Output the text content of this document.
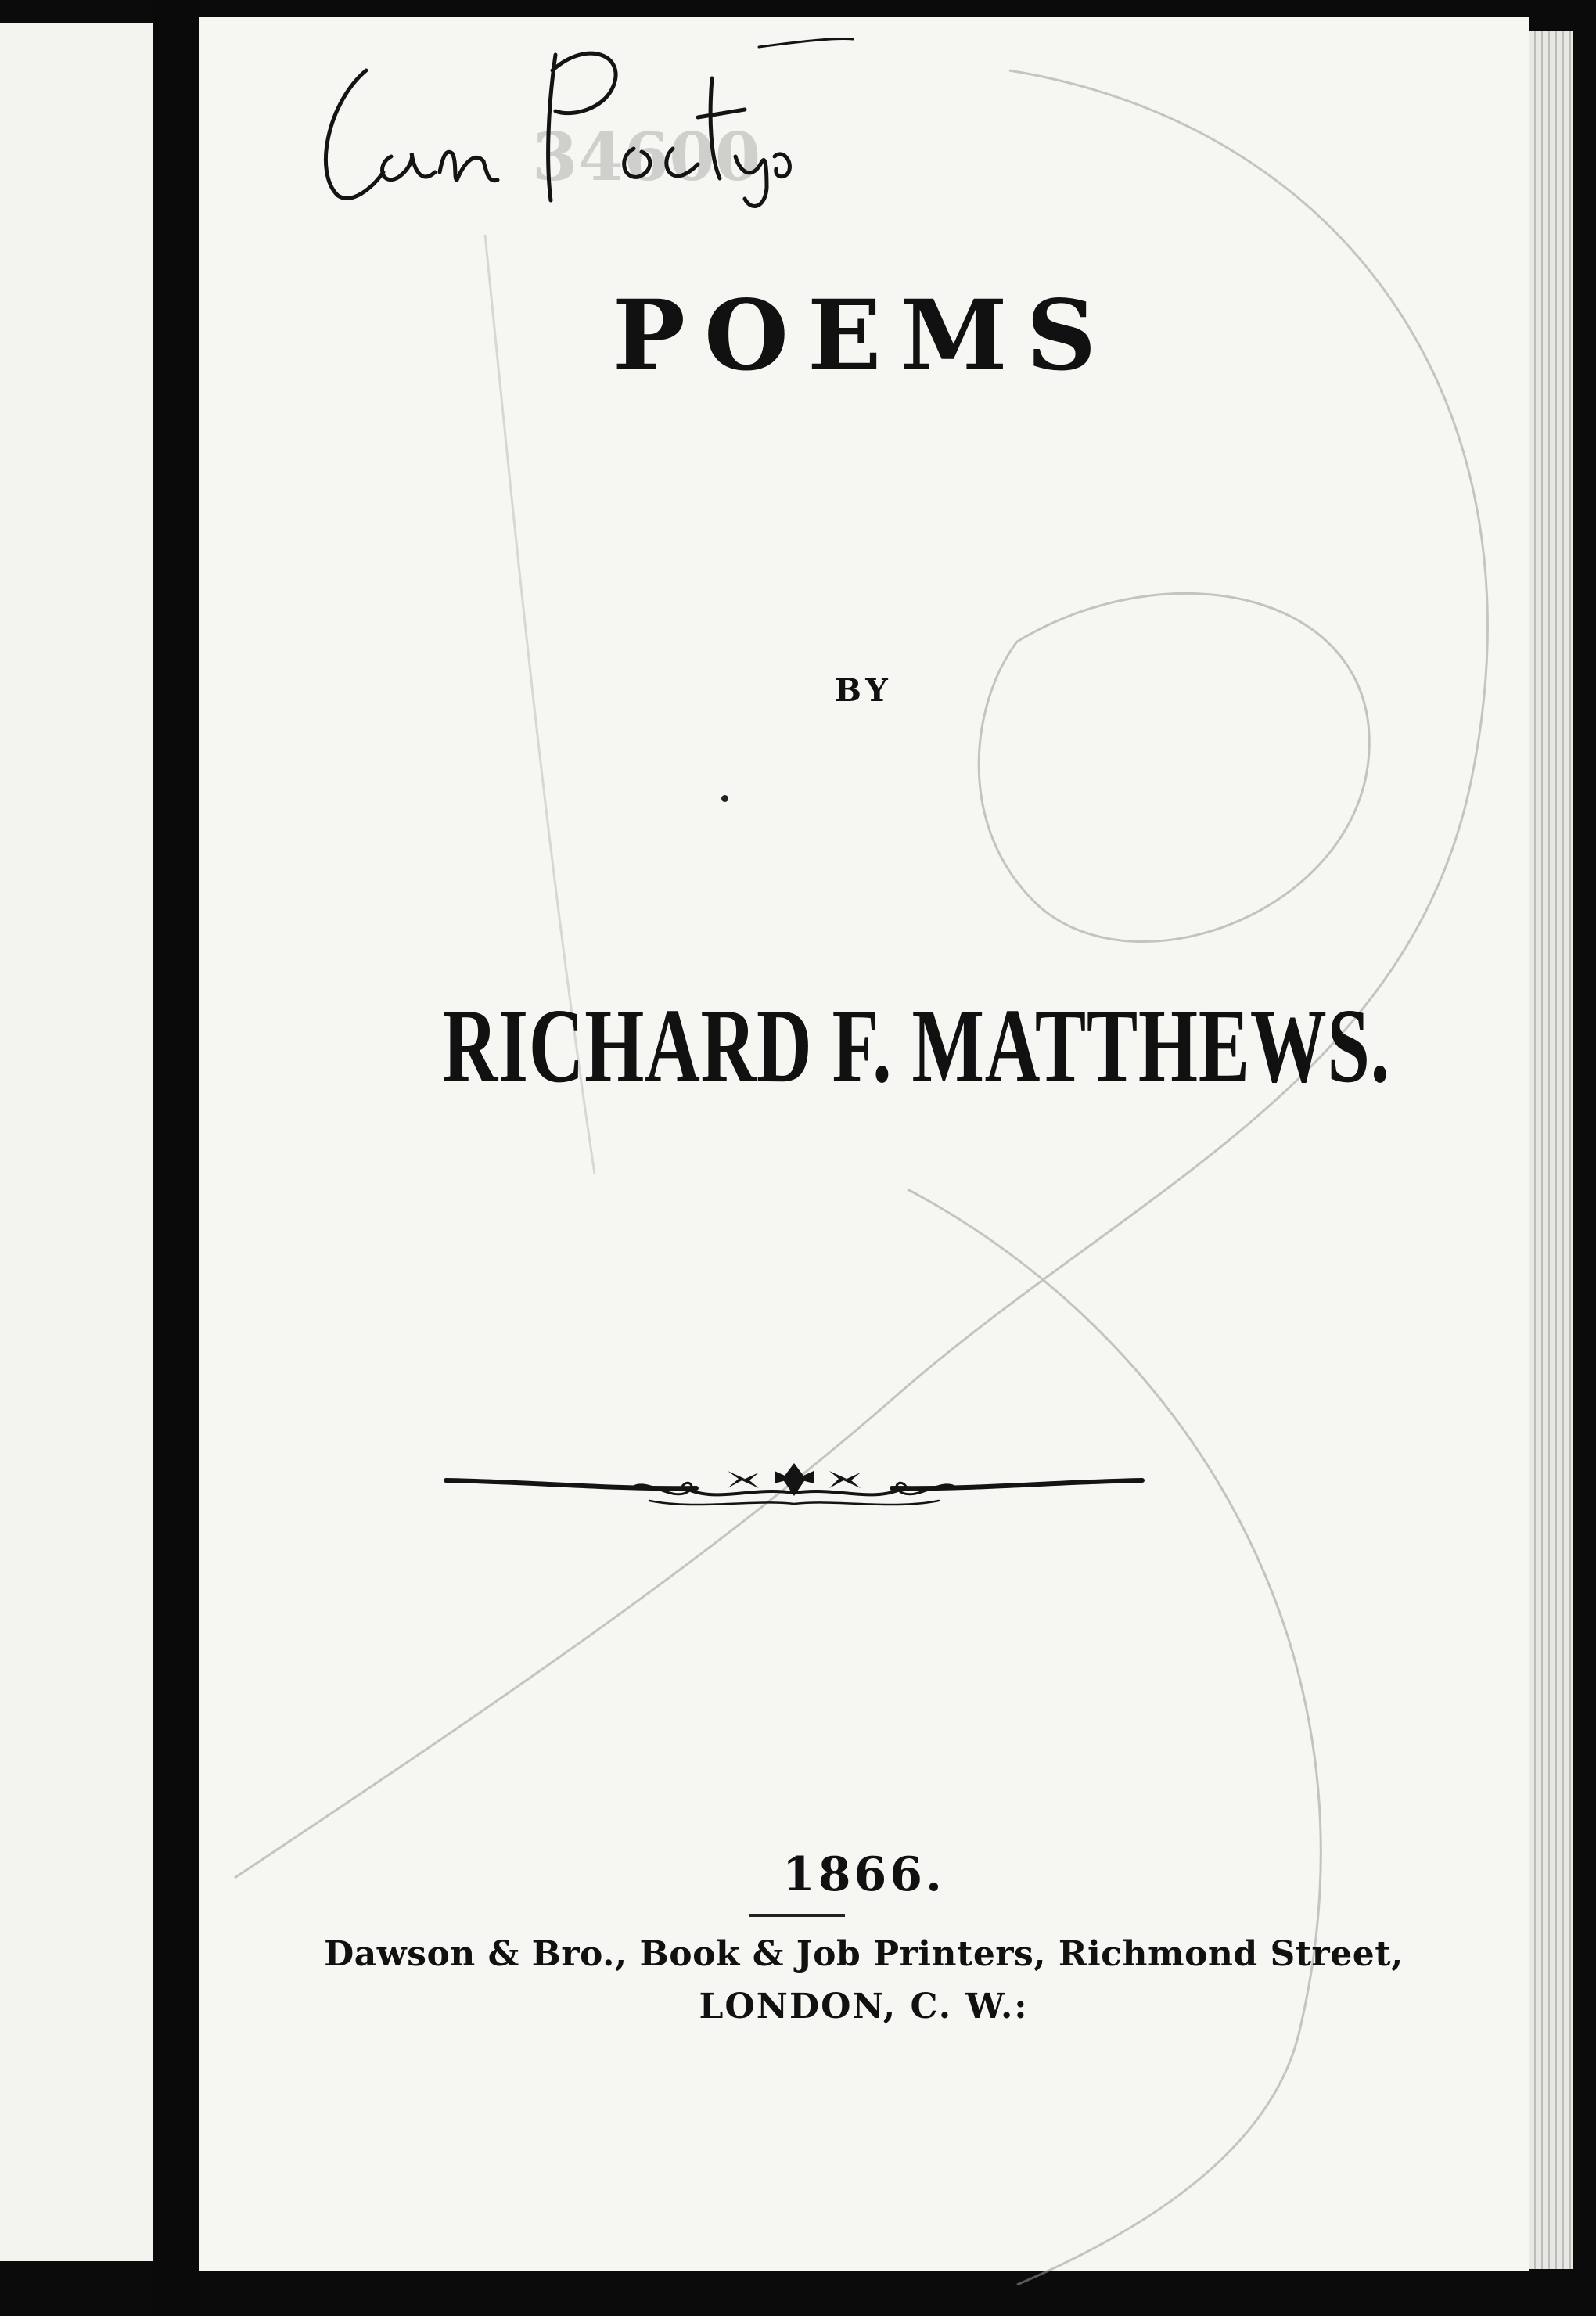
34600
POEMS
BY
RICHARD F. MATTHEWS.
1866.
Dawson & Bro., Book & Job Printers, Richmond Street,
LONDON, C. W.:
